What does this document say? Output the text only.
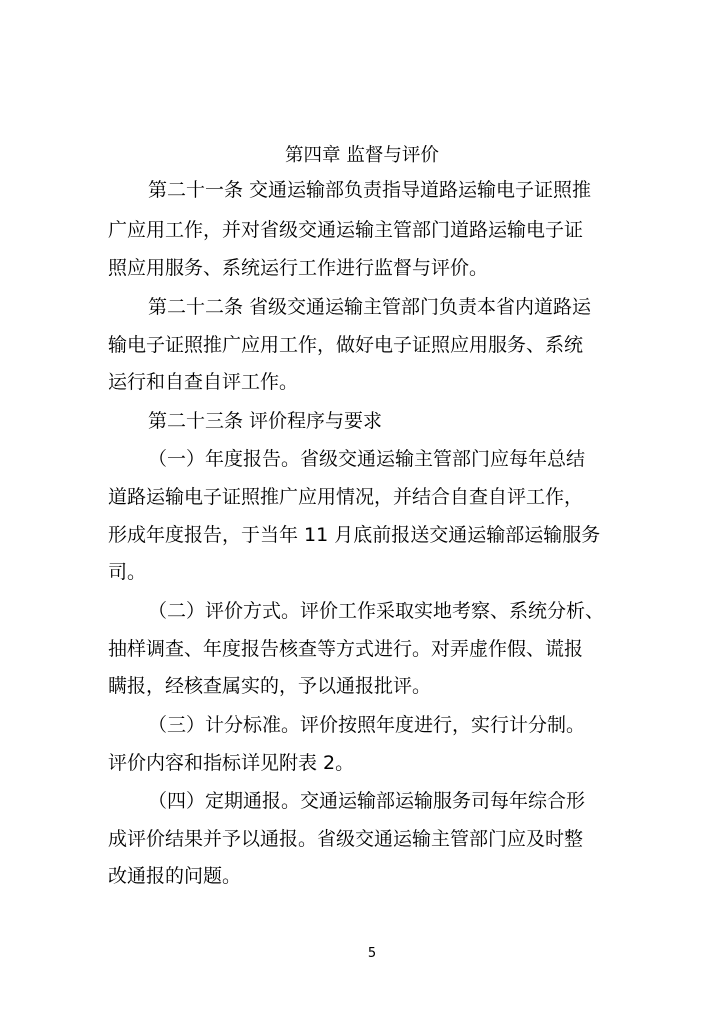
第四章 监督与评价
第二十一条 交通运输部负责指导道路运输电子证照推
广应用工作，并对省级交通运输主管部门道路运输电子证
照应用服务、系统运行工作进行监督与评价。
第二十二条 省级交通运输主管部门负责本省内道路运
输电子证照推广应用工作，做好电子证照应用服务、系统
运行和自查自评工作。
第二十三条 评价程序与要求
（一）年度报告。省级交通运输主管部门应每年总结
道路运输电子证照推广应用情况，并结合自查自评工作，
形成年度报告，于当年 11 月底前报送交通运输部运输服务
司。
（二）评价方式。评价工作采取实地考察、系统分析、
抽样调查、年度报告核查等方式进行。对弄虚作假、谎报
瞒报，经核查属实的，予以通报批评。
（三）计分标准。评价按照年度进行，实行计分制。
评价内容和指标详见附表 2。
（四）定期通报。交通运输部运输服务司每年综合形
成评价结果并予以通报。省级交通运输主管部门应及时整
改通报的问题。
5
